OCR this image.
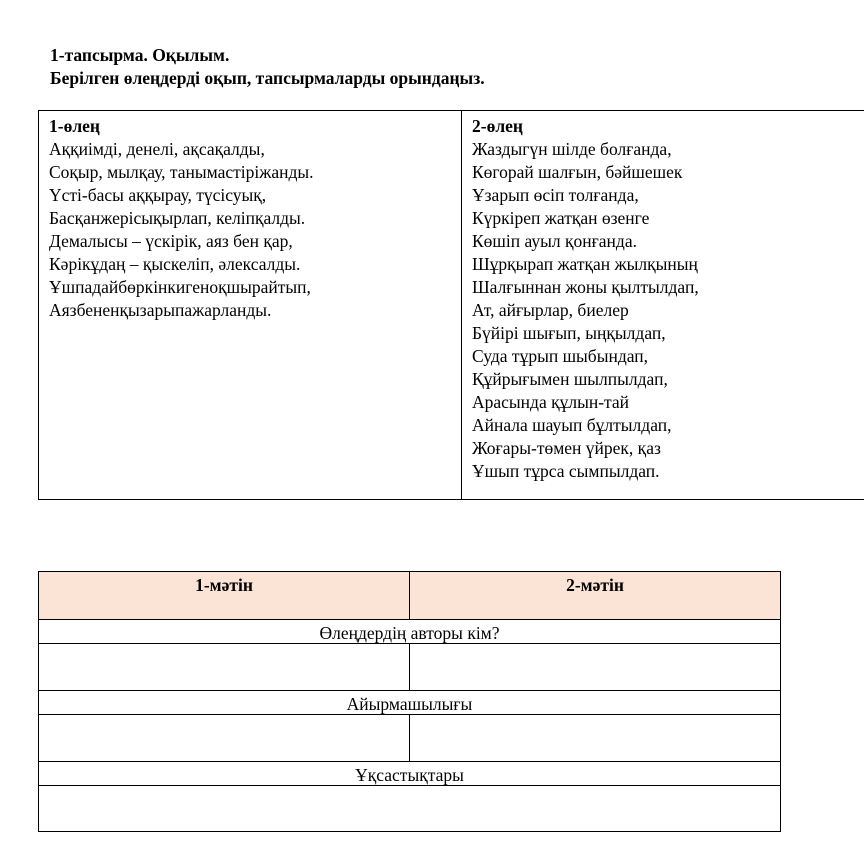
1-тапсырма. Оқылым.
Берілген өлеңдерді оқып, тапсырмаларды орындаңыз.
1-өлең
Аққиімді, денелі, ақсақалды,
Соқыр, мылқау, танымастіріжанды.
Үсті-басы аққырау, түсісуық,
Басқанжерісықырлап, келіпқалды.
Демалысы – үскірік, аяз бен қар,
Кәрікұдаң – қыскеліп, әлексалды.
Ұшпадайбөркінкигеноқшырайтып,
Аязбененқызарыпажарланды.
2-өлең
Жаздыгүн шілде болғанда,
Көгорай шалғын, бәйшешек
Ұзарып өсіп толғанда,
Күркіреп жатқан өзенге
Көшіп ауыл қонғанда.
Шұрқырап жатқан жылқының
Шалғыннан жоны қылтылдап,
Ат, айғырлар, биелер
Бүйірі шығып, ыңқылдап,
Суда тұрып шыбындап,
Құйрығымен шылпылдап,
Арасында құлын-тай
Айнала шауып бұлтылдап,
Жоғары-төмен үйрек, қаз
Ұшып тұрса сымпылдап.
1-мәтін	2-мәтін
Өлеңдердің авторы кім?
Айырмашылығы
Ұқсастықтары
